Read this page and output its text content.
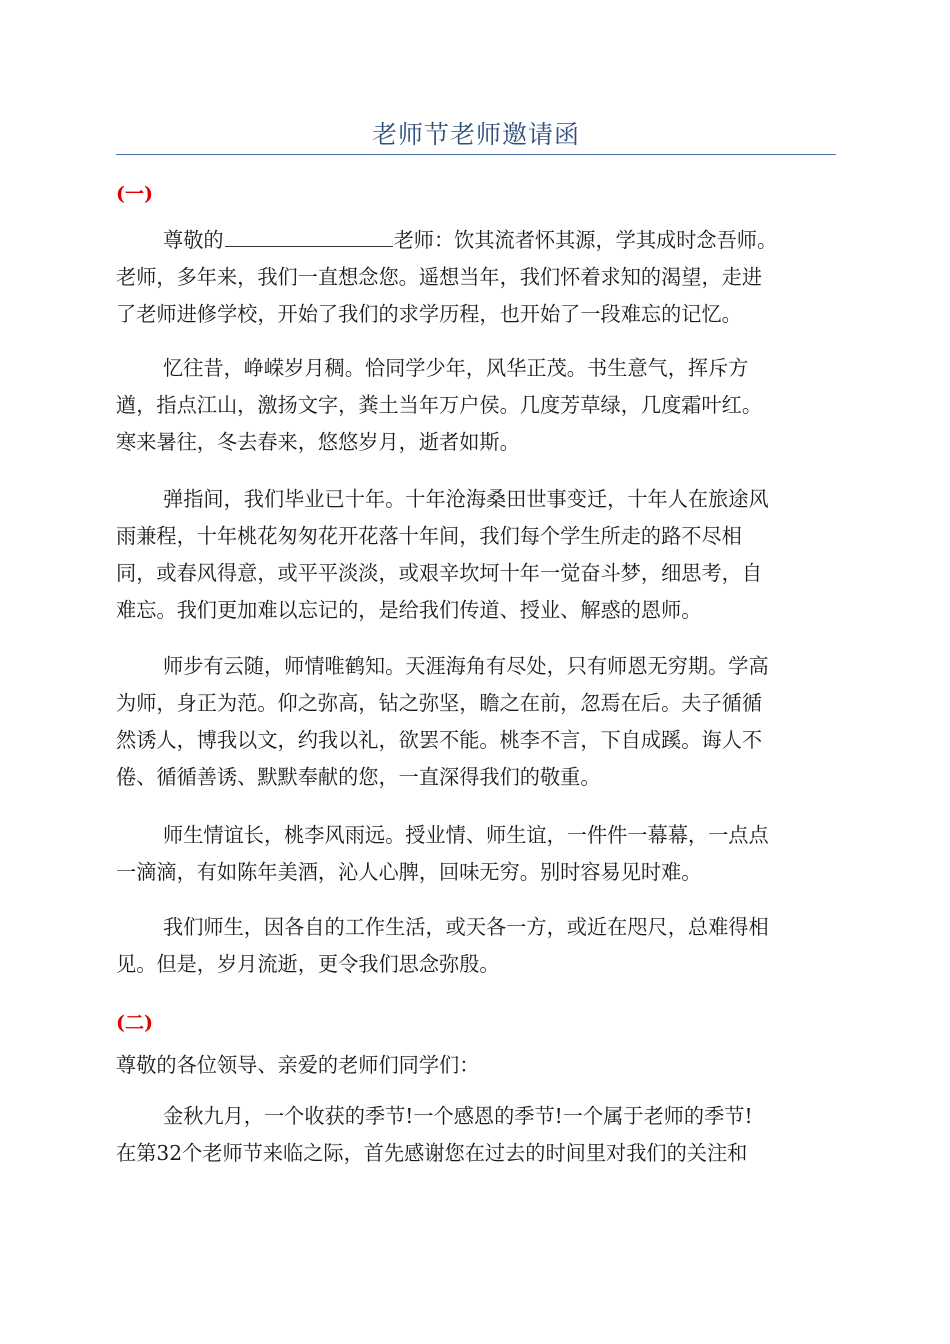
老师节老师邀请函
(一)
尊敬的	老师：饮其流者怀其源，学其成时念吾师。
老师，多年来，我们一直想念您。遥想当年，我们怀着求知的渴望，走进
了老师进修学校，开始了我们的求学历程，也开始了一段难忘的记忆。
忆往昔，峥嵘岁月稠。恰同学少年，风华正茂。书生意气，挥斥方
遒，指点江山，激扬文字，粪土当年万户侯。几度芳草绿，几度霜叶红。
寒来暑往，冬去春来，悠悠岁月，逝者如斯。
弹指间，我们毕业已十年。十年沧海桑田世事变迁，十年人在旅途风
雨兼程，十年桃花匆匆花开花落十年间，我们每个学生所走的路不尽相
同，或春风得意，或平平淡淡，或艰辛坎坷十年一觉奋斗梦，细思考，自
难忘。我们更加难以忘记的，是给我们传道、授业、解惑的恩师。
师步有云随，师情唯鹤知。天涯海角有尽处，只有师恩无穷期。学高
为师，身正为范。仰之弥高，钻之弥坚，瞻之在前，忽焉在后。夫子循循
然诱人，博我以文，约我以礼，欲罢不能。桃李不言，下自成蹊。诲人不
倦、循循善诱、默默奉献的您，一直深得我们的敬重。
师生情谊长，桃李风雨远。授业情、师生谊，一件件一幕幕，一点点
一滴滴，有如陈年美酒，沁人心脾，回味无穷。别时容易见时难。
我们师生，因各自的工作生活，或天各一方，或近在咫尺，总难得相
见。但是，岁月流逝，更令我们思念弥殷。
(二)
尊敬的各位领导、亲爱的老师们同学们：
金秋九月，一个收获的季节!一个感恩的季节!一个属于老师的季节!
在第32个老师节来临之际，首先感谢您在过去的时间里对我们的关注和
